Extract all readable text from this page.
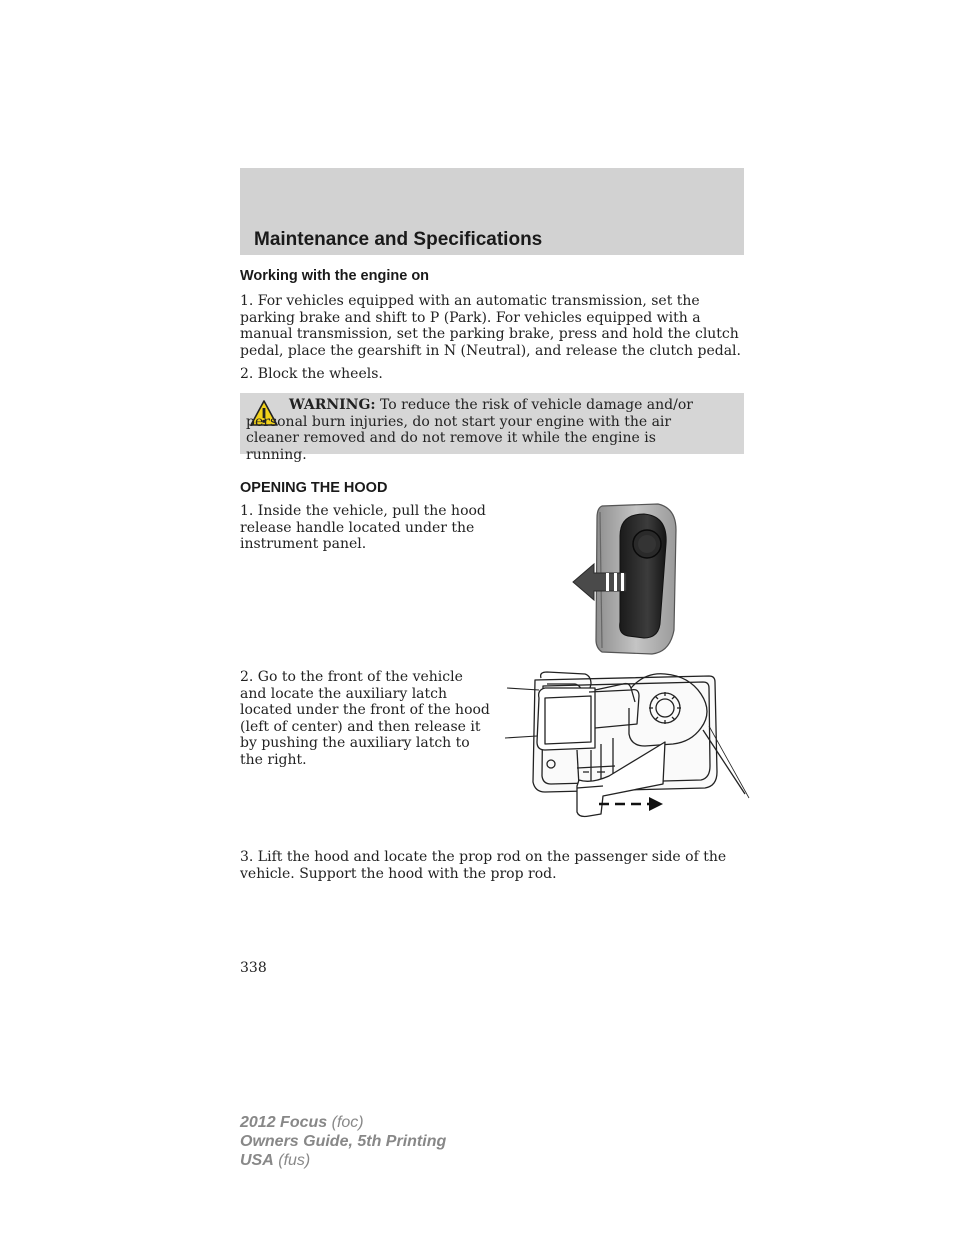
Maintenance and Specifications
Working with the engine on

1. For vehicles equipped with an automatic transmission, set the parking brake and shift to P (Park). For vehicles equipped with a manual transmission, set the parking brake, press and hold the clutch pedal, place the gearshift in N (Neutral), and release the clutch pedal.

2. Block the wheels.

WARNING: To reduce the risk of vehicle damage and/or personal burn injuries, do not start your engine with the air cleaner removed and do not remove it while the engine is running.

OPENING THE HOOD

1. Inside the vehicle, pull the hood release handle located under the instrument panel.

2. Go to the front of the vehicle and locate the auxiliary latch located under the front of the hood (left of center) and then release it by pushing the auxiliary latch to the right.

3. Lift the hood and locate the prop rod on the passenger side of the vehicle. Support the hood with the prop rod.

338
2012 Focus (foc)
Owners Guide, 5th Printing
USA (fus)
